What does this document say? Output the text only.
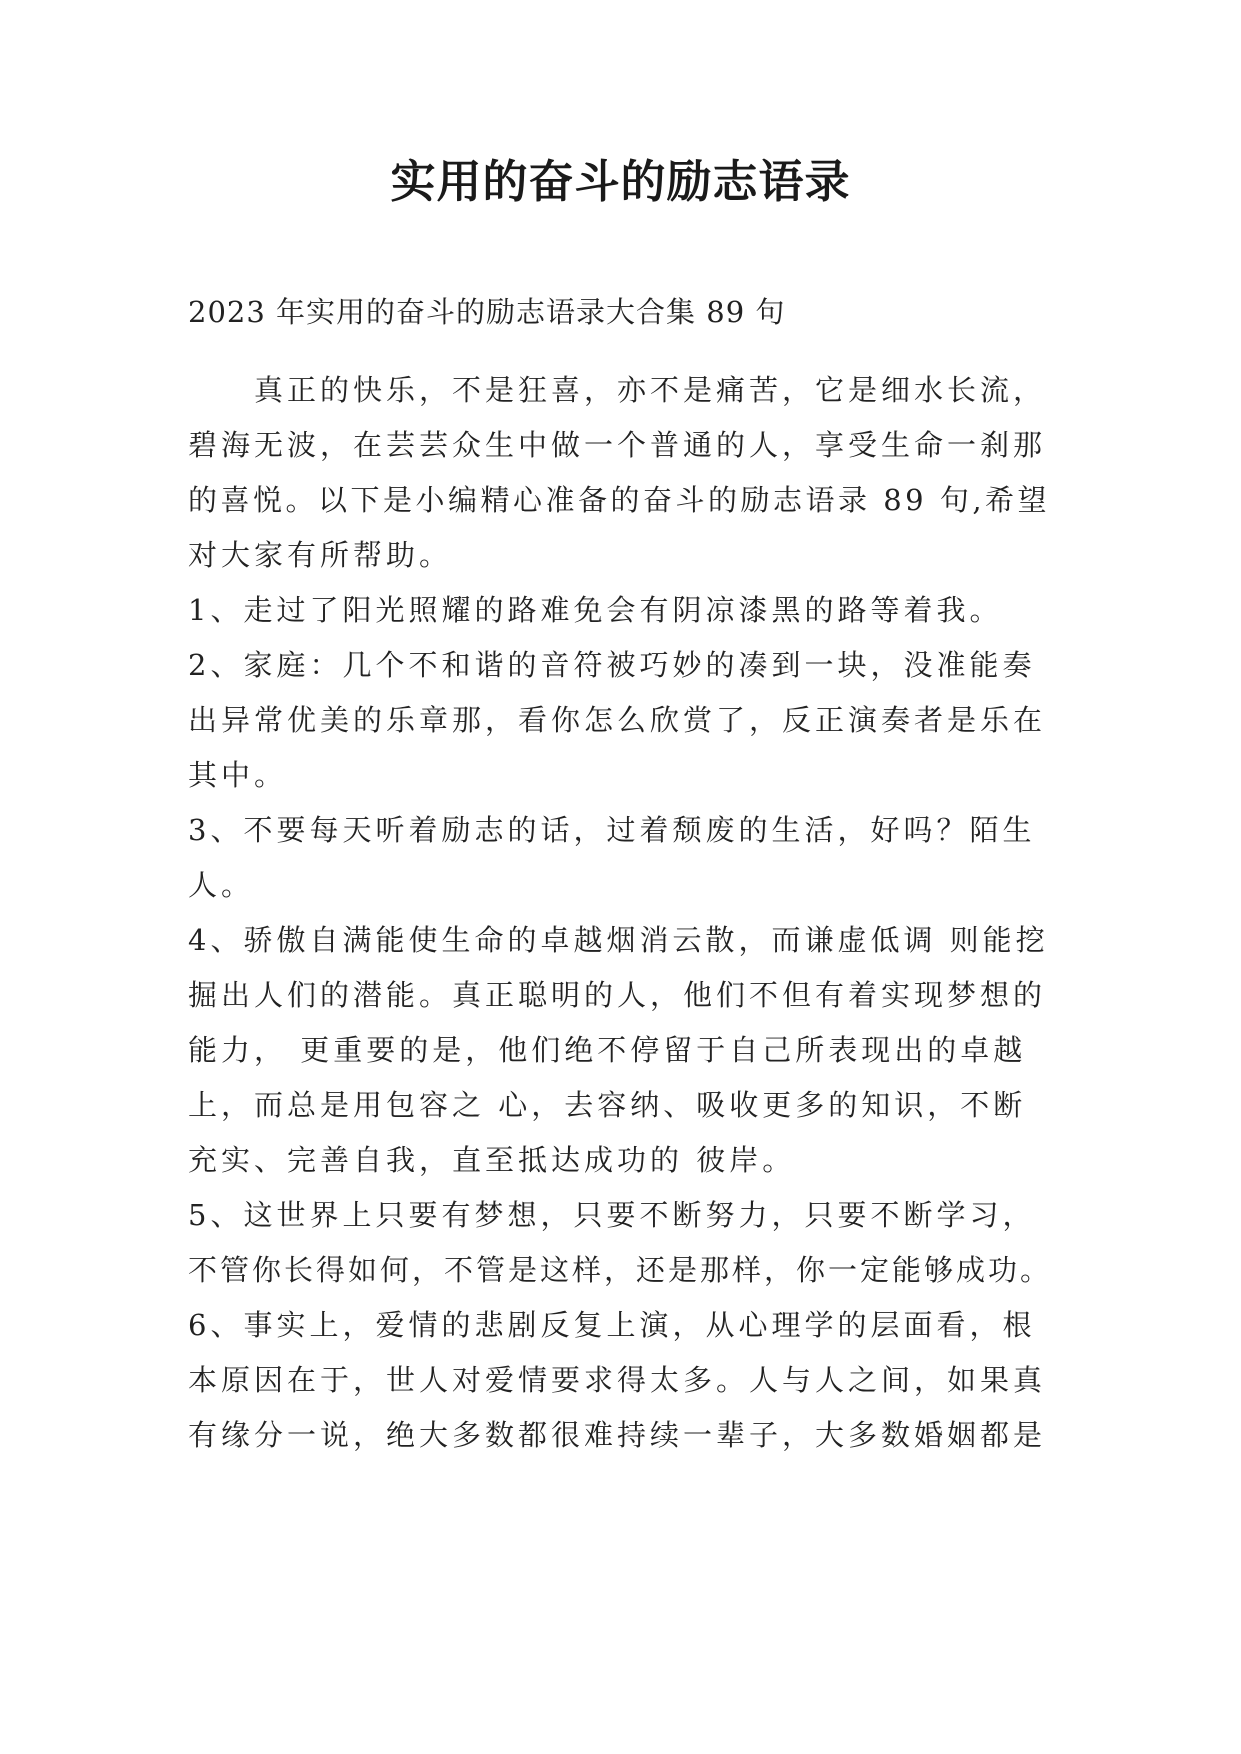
实用的奋斗的励志语录
2023 年实用的奋斗的励志语录大合集 89 句
　　真正的快乐，不是狂喜，亦不是痛苦，它是细水长流，
碧海无波，在芸芸众生中做一个普通的人，享受生命一刹那
的喜悦。以下是小编精心准备的奋斗的励志语录 89 句,希望
对大家有所帮助。
1、走过了阳光照耀的路难免会有阴凉漆黑的路等着我。
2、家庭：几个不和谐的音符被巧妙的凑到一块，没准能奏
出异常优美的乐章那，看你怎么欣赏了，反正演奏者是乐在
其中。
3、不要每天听着励志的话，过着颓废的生活，好吗？陌生
人。
4、骄傲自满能使生命的卓越烟消云散，而谦虚低调 则能挖
掘出人们的潜能。真正聪明的人，他们不但有着实现梦想的
能力， 更重要的是，他们绝不停留于自己所表现出的卓越
上，而总是用包容之 心，去容纳、吸收更多的知识，不断
充实、完善自我，直至抵达成功的 彼岸。
5、这世界上只要有梦想，只要不断努力，只要不断学习，
不管你长得如何，不管是这样，还是那样，你一定能够成功。
6、事实上，爱情的悲剧反复上演，从心理学的层面看，根
本原因在于，世人对爱情要求得太多。人与人之间，如果真
有缘分一说，绝大多数都很难持续一辈子，大多数婚姻都是
